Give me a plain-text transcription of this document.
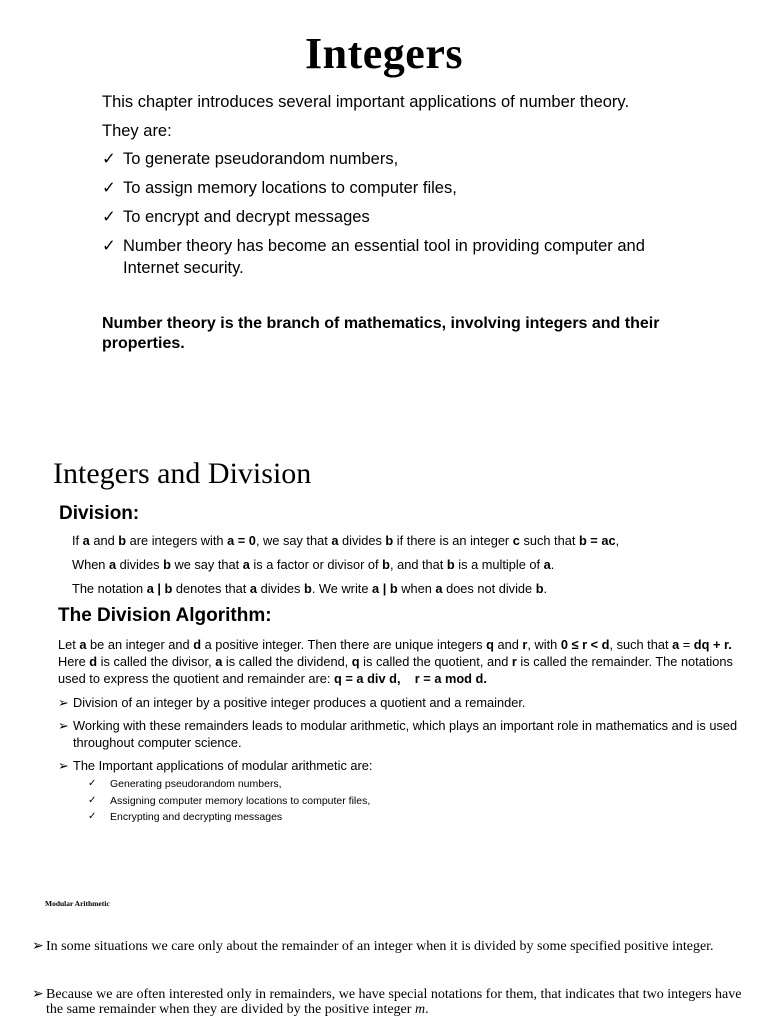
Integers
This chapter introduces several important applications of number theory.
They are:
✓ To generate pseudorandom numbers,
✓ To assign memory locations to computer files,
✓ To encrypt and decrypt messages
✓ Number theory has become an essential tool in providing computer and Internet security.
Number theory is the branch of mathematics, involving integers and their properties.
Integers and Division
Division:
If a and b are integers with a = 0, we say that a divides b if there is an integer c such that b = ac,
When a divides b we say that a is a factor or divisor of b, and that b is a multiple of a.
The notation a | b denotes that a divides b. We write a | b when a does not divide b.
The Division Algorithm:
Let a be an integer and d a positive integer. Then there are unique integers q and r, with 0 ≤ r < d, such that a = dq + r. Here d is called the divisor, a is called the dividend, q is called the quotient, and r is called the remainder. The notations used to express the quotient and remainder are: q = a div d, r = a mod d.
➢ Division of an integer by a positive integer produces a quotient and a remainder.
➢ Working with these remainders leads to modular arithmetic, which plays an important role in mathematics and is used throughout computer science.
➢ The Important applications of modular arithmetic are:
✓ Generating pseudorandom numbers,
✓ Assigning computer memory locations to computer files,
✓ Encrypting and decrypting messages
Modular Arithmetic
➢ In some situations we care only about the remainder of an integer when it is divided by some specified positive integer.
➢ Because we are often interested only in remainders, we have special notations for them, that indicates that two integers have the same remainder when they are divided by the positive integer m.
